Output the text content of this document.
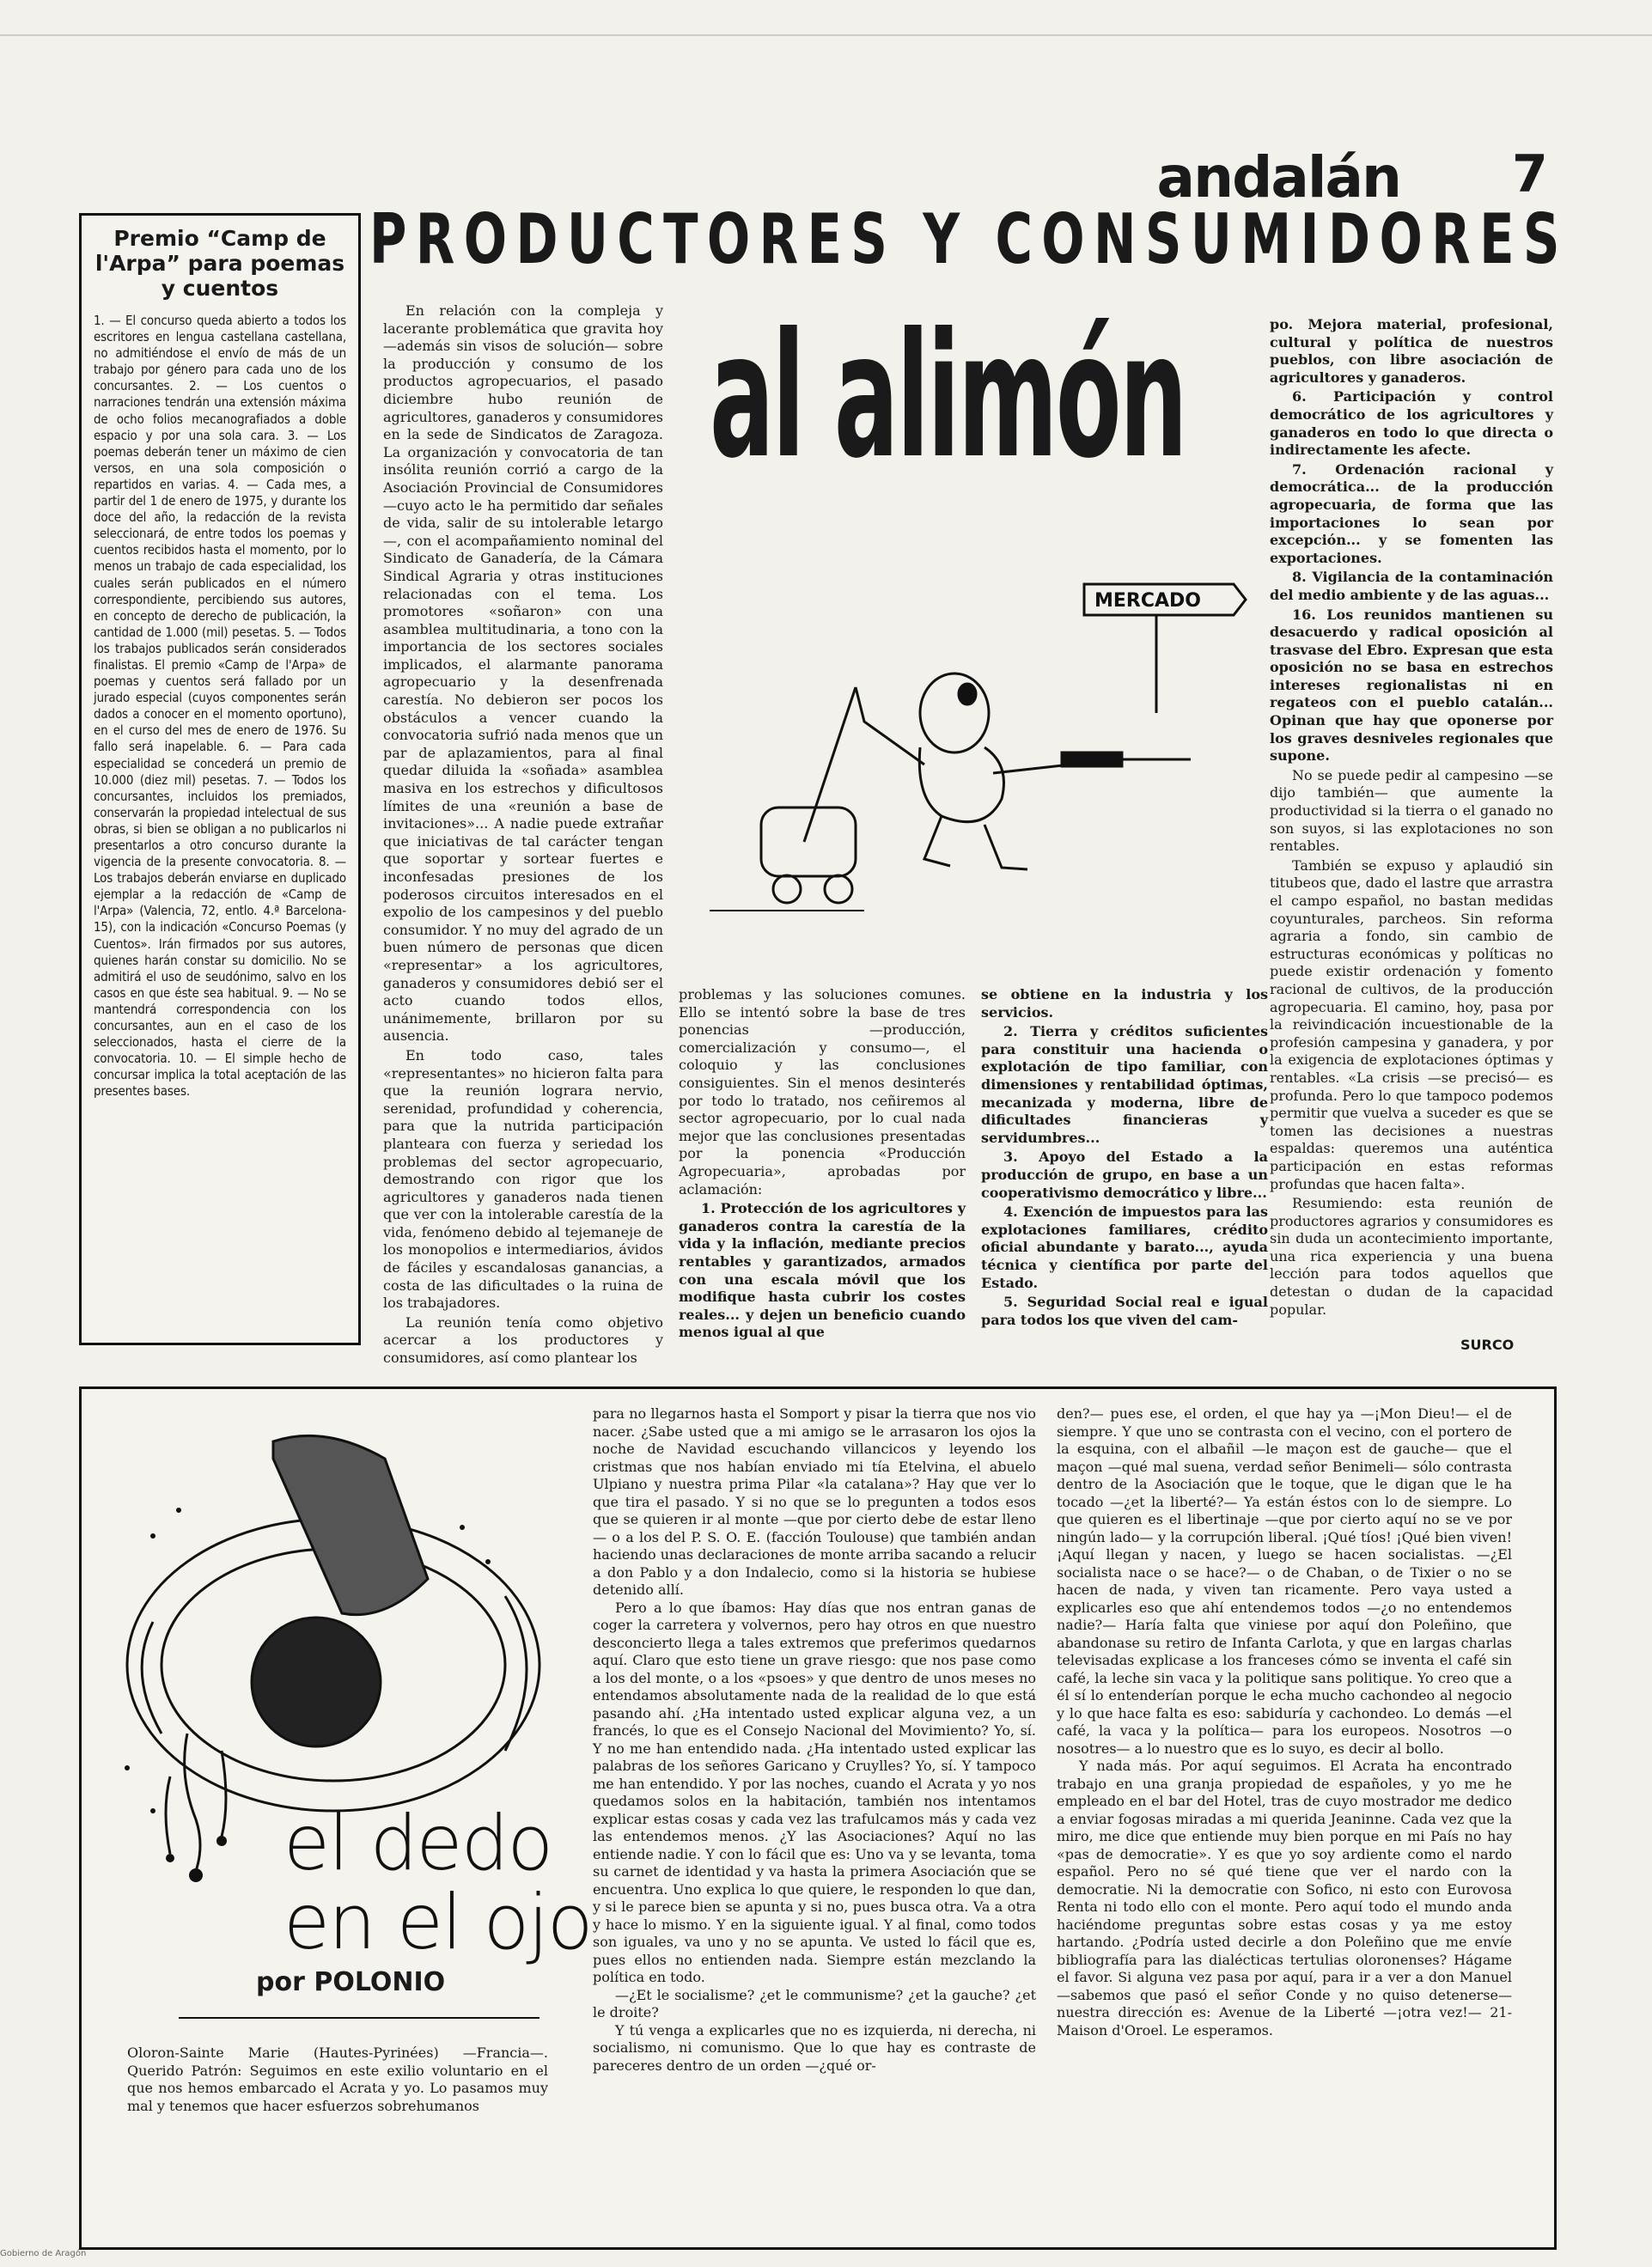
andalán 7
Premio “Camp de l'Arpa” para poemas y cuentos

1. — El concurso queda abierto a todos los escritores en lengua castellana castellana, no admitiéndose el envío de más de un trabajo por género para cada uno de los concursantes. 2. — Los cuentos o narraciones tendrán una extensión máxima de ocho folios mecanografiados a doble espacio y por una sola cara. 3. — Los poemas deberán tener un máximo de cien versos, en una sola composición o repartidos en varias. 4. — Cada mes, a partir del 1 de enero de 1975, y durante los doce del año, la redacción de la revista seleccionará, de entre todos los poemas y cuentos recibidos hasta el momento, por lo menos un trabajo de cada especialidad, los cuales serán publicados en el número correspondiente, percibiendo sus autores, en concepto de derecho de publicación, la cantidad de 1.000 (mil) pesetas. 5. — Todos los trabajos publicados serán considerados finalistas. El premio «Camp de l'Arpa» de poemas y cuentos será fallado por un jurado especial (cuyos componentes serán dados a conocer en el momento oportuno), en el curso del mes de enero de 1976. Su fallo será inapelable. 6. — Para cada especialidad se concederá un premio de 10.000 (diez mil) pesetas. 7. — Todos los concursantes, incluidos los premiados, conservarán la propiedad intelectual de sus obras, si bien se obligan a no publicarlos ni presentarlos a otro concurso durante la vigencia de la presente convocatoria. 8. — Los trabajos deberán enviarse en duplicado ejemplar a la redacción de «Camp de l'Arpa» (Valencia, 72, entlo. 4.ª Barcelona-15), con la indicación «Concurso Poemas (y Cuentos». Irán firmados por sus autores, quienes harán constar su domicilio. No se admitirá el uso de seudónimo, salvo en los casos en que éste sea habitual. 9. — No se mantendrá correspondencia con los concursantes, aun en el caso de los seleccionados, hasta el cierre de la convocatoria. 10. — El simple hecho de concursar implica la total aceptación de las presentes bases.

PRODUCTORES Y CONSUMIDORES
al alimón

En relación con la compleja y lacerante problemática que gravita hoy —además sin visos de solución— sobre la producción y consumo de los productos agropecuarios, el pasado diciembre hubo reunión de agricultores, ganaderos y consumidores en la sede de Sindicatos de Zaragoza. La organización y convocatoria de tan insólita reunión corrió a cargo de la Asociación Provincial de Consumidores —cuyo acto le ha permitido dar señales de vida, salir de su intolerable letargo—, con el acompañamiento nominal del Sindicato de Ganadería, de la Cámara Sindical Agraria y otras instituciones relacionadas con el tema. Los promotores «soñaron» con una asamblea multitudinaria, a tono con la importancia de los sectores sociales implicados, el alarmante panorama agropecuario y la desenfrenada carestía. No debieron ser pocos los obstáculos a vencer cuando la convocatoria sufrió nada menos que un par de aplazamientos, para al final quedar diluida la «soñada» asamblea masiva en los estrechos y dificultosos límites de una «reunión a base de invitaciones»... A nadie puede extrañar que iniciativas de tal carácter tengan que soportar y sortear fuertes e inconfesadas presiones de los poderosos circuitos interesados en el expolio de los campesinos y del pueblo consumidor. Y no muy del agrado de un buen número de personas que dicen «representar» a los agricultores, ganaderos y consumidores debió ser el acto cuando todos ellos, unánimemente, brillaron por su ausencia.

En todo caso, tales «representantes» no hicieron falta para que la reunión lograra nervio, serenidad, profundidad y coherencia, para que la nutrida participación planteara con fuerza y seriedad los problemas del sector agropecuario, demostrando con rigor que los agricultores y ganaderos nada tienen que ver con la intolerable carestía de la vida, fenómeno debido al tejemaneje de los monopolios e intermediarios, ávidos de fáciles y escandalosas ganancias, a costa de las dificultades o la ruina de los trabajadores.

La reunión tenía como objetivo acercar a los productores y consumidores, así como plantear los

MERCADO

problemas y las soluciones comunes. Ello se intentó sobre la base de tres ponencias —producción, comercialización y consumo—, el coloquio y las conclusiones consiguientes. Sin el menos desinterés por todo lo tratado, nos ceñiremos al sector agropecuario, por lo cual nada mejor que las conclusiones presentadas por la ponencia «Producción Agropecuaria», aprobadas por aclamación:

1. Protección de los agricultores y ganaderos contra la carestía de la vida y la inflación, mediante precios rentables y garantizados, armados con una escala móvil que los modifique hasta cubrir los costes reales... y dejen un beneficio cuando menos igual al que

se obtiene en la industria y los servicios.

2. Tierra y créditos suficientes para constituir una hacienda o explotación de tipo familiar, con dimensiones y rentabilidad óptimas, mecanizada y moderna, libre de dificultades financieras y servidumbres...

3. Apoyo del Estado a la producción de grupo, en base a un cooperativismo democrático y libre...

4. Exención de impuestos para las explotaciones familiares, crédito oficial abundante y barato..., ayuda técnica y científica por parte del Estado.

5. Seguridad Social real e igual para todos los que viven del cam-

po. Mejora material, profesional, cultural y política de nuestros pueblos, con libre asociación de agricultores y ganaderos.

6. Participación y control democrático de los agricultores y ganaderos en todo lo que directa o indirectamente les afecte.

7. Ordenación racional y democrática... de la producción agropecuaria, de forma que las importaciones lo sean por excepción... y se fomenten las exportaciones.

8. Vigilancia de la contaminación del medio ambiente y de las aguas...

16. Los reunidos mantienen su desacuerdo y radical oposición al trasvase del Ebro. Expresan que esta oposición no se basa en estrechos intereses regionalistas ni en regateos con el pueblo catalán... Opinan que hay que oponerse por los graves desniveles regionales que supone.

No se puede pedir al campesino —se dijo también— que aumente la productividad si la tierra o el ganado no son suyos, si las explotaciones no son rentables.

También se expuso y aplaudió sin titubeos que, dado el lastre que arrastra el campo español, no bastan medidas coyunturales, parcheos. Sin reforma agraria a fondo, sin cambio de estructuras económicas y políticas no puede existir ordenación y fomento racional de cultivos, de la producción agropecuaria. El camino, hoy, pasa por la reivindicación incuestionable de la profesión campesina y ganadera, y por la exigencia de explotaciones óptimas y rentables. «La crisis —se precisó— es profunda. Pero lo que tampoco podemos permitir que vuelva a suceder es que se tomen las decisiones a nuestras espaldas: queremos una auténtica participación en estas reformas profundas que hacen falta».

Resumiendo: esta reunión de productores agrarios y consumidores es sin duda un acontecimiento importante, una rica experiencia y una buena lección para todos aquellos que detestan o dudan de la capacidad popular.

SURCO
el dedo
en el ojo
por POLONIO

Oloron-Sainte Marie (Hautes-Pyrinées) —Francia—. Querido Patrón: Seguimos en este exilio voluntario en el que nos hemos embarcado el Acrata y yo. Lo pasamos muy mal y tenemos que hacer esfuerzos sobrehumanos

para no llegarnos hasta el Somport y pisar la tierra que nos vio nacer. ¿Sabe usted que a mi amigo se le arrasaron los ojos la noche de Navidad escuchando villancicos y leyendo los cristmas que nos habían enviado mi tía Etelvina, el abuelo Ulpiano y nuestra prima Pilar «la catalana»? Hay que ver lo que tira el pasado. Y si no que se lo pregunten a todos esos que se quieren ir al monte —que por cierto debe de estar lleno— o a los del P. S. O. E. (facción Toulouse) que también andan haciendo unas declaraciones de monte arriba sacando a relucir a don Pablo y a don Indalecio, como si la historia se hubiese detenido allí.

Pero a lo que íbamos: Hay días que nos entran ganas de coger la carretera y volvernos, pero hay otros en que nuestro desconcierto llega a tales extremos que preferimos quedarnos aquí. Claro que esto tiene un grave riesgo: que nos pase como a los del monte, o a los «psoes» y que dentro de unos meses no entendamos absolutamente nada de la realidad de lo que está pasando ahí. ¿Ha intentado usted explicar alguna vez, a un francés, lo que es el Consejo Nacional del Movimiento? Yo, sí. Y no me han entendido nada. ¿Ha intentado usted explicar las palabras de los señores Garicano y Cruylles? Yo, sí. Y tampoco me han entendido. Y por las noches, cuando el Acrata y yo nos quedamos solos en la habitación, también nos intentamos explicar estas cosas y cada vez las trafulcamos más y cada vez las entendemos menos. ¿Y las Asociaciones? Aquí no las entiende nadie. Y con lo fácil que es: Uno va y se levanta, toma su carnet de identidad y va hasta la primera Asociación que se encuentra. Uno explica lo que quiere, le responden lo que dan, y si le parece bien se apunta y si no, pues busca otra. Va a otra y hace lo mismo. Y en la siguiente igual. Y al final, como todos son iguales, va uno y no se apunta. Ve usted lo fácil que es, pues ellos no entienden nada. Siempre están mezclando la política en todo.

—¿Et le socialisme? ¿et le communisme? ¿et la gauche? ¿et le droite?

Y tú venga a explicarles que no es izquierda, ni derecha, ni socialismo, ni comunismo. Que lo que hay es contraste de pareceres dentro de un orden —¿qué or-

den?— pues ese, el orden, el que hay ya —¡Mon Dieu!— el de siempre. Y que uno se contrasta con el vecino, con el portero de la esquina, con el albañil —le maçon est de gauche— que el maçon —qué mal suena, verdad señor Benimeli— sólo contrasta dentro de la Asociación que le toque, que le digan que le ha tocado —¿et la liberté?— Ya están éstos con lo de siempre. Lo que quieren es el libertinaje —que por cierto aquí no se ve por ningún lado— y la corrupción liberal. ¡Qué tíos! ¡Qué bien viven! ¡Aquí llegan y nacen, y luego se hacen socialistas. —¿El socialista nace o se hace?— o de Chaban, o de Tixier o no se hacen de nada, y viven tan ricamente. Pero vaya usted a explicarles eso que ahí entendemos todos —¿o no entendemos nadie?— Haría falta que viniese por aquí don Poleñino, que abandonase su retiro de Infanta Carlota, y que en largas charlas televisadas explicase a los franceses cómo se inventa el café sin café, la leche sin vaca y la politique sans politique. Yo creo que a él sí lo entenderían porque le echa mucho cachondeo al negocio y lo que hace falta es eso: sabiduría y cachondeo. Lo demás —el café, la vaca y la política— para los europeos. Nosotros —o nosotres— a lo nuestro que es lo suyo, es decir al bollo.

Y nada más. Por aquí seguimos. El Acrata ha encontrado trabajo en una granja propiedad de españoles, y yo me he empleado en el bar del Hotel, tras de cuyo mostrador me dedico a enviar fogosas miradas a mi querida Jeaninne. Cada vez que la miro, me dice que entiende muy bien porque en mi País no hay «pas de democratie». Y es que yo soy ardiente como el nardo español. Pero no sé qué tiene que ver el nardo con la democratie. Ni la democratie con Sofico, ni esto con Eurovosa Renta ni todo ello con el monte. Pero aquí todo el mundo anda haciéndome preguntas sobre estas cosas y ya me estoy hartando. ¿Podría usted decirle a don Poleñino que me envíe bibliografía para las dialécticas tertulias oloronenses? Hágame el favor. Si alguna vez pasa por aquí, para ir a ver a don Manuel —sabemos que pasó el señor Conde y no quiso detenerse— nuestra dirección es: Avenue de la Liberté —¡otra vez!— 21-Maison d'Oroel. Le esperamos.

Gobierno de Aragón
